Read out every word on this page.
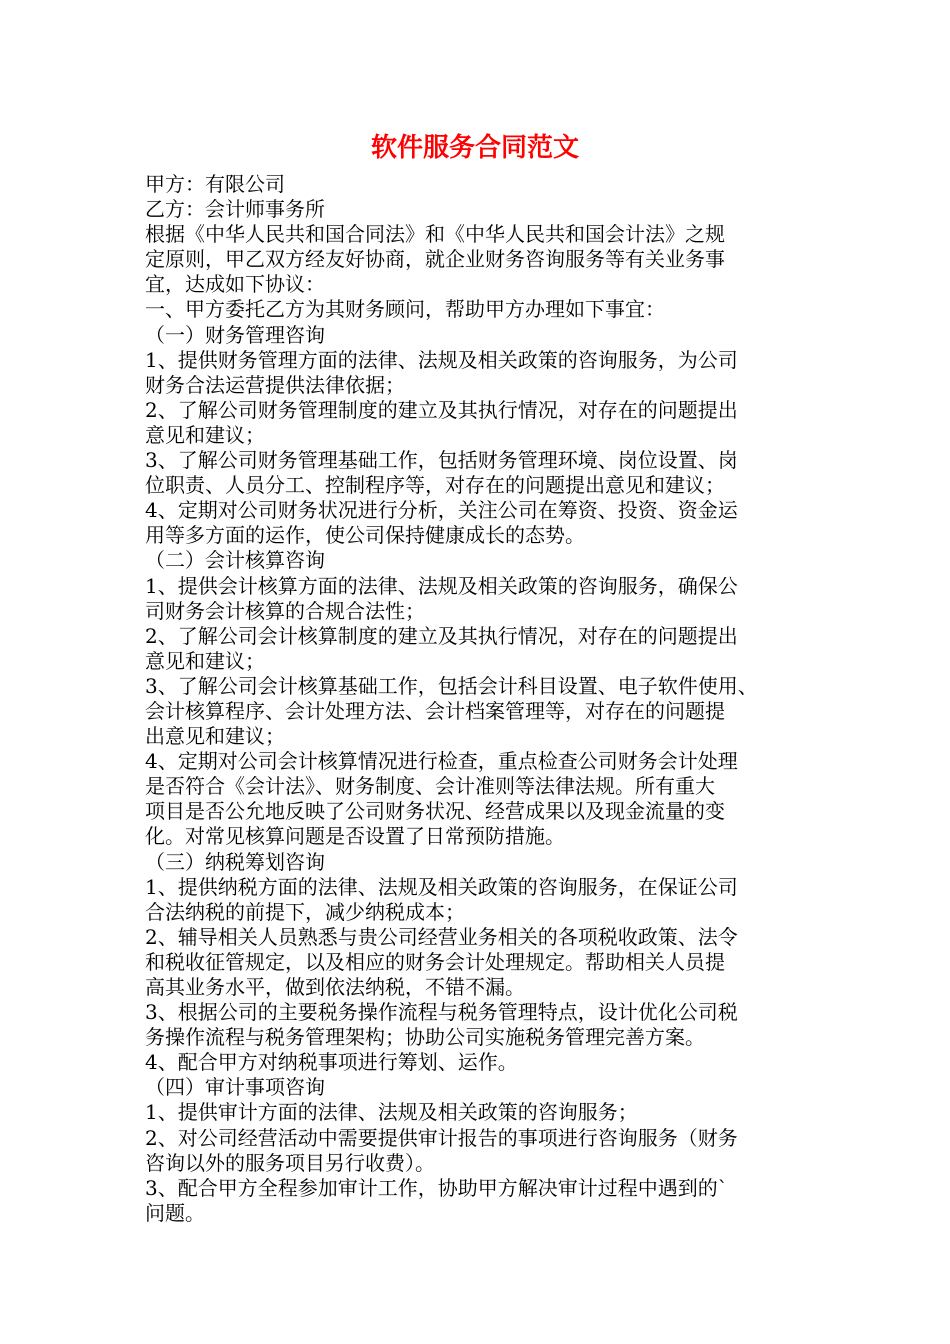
软件服务合同范文

甲方：有限公司

乙方：会计师事务所

根据《中华人民共和国合同法》和《中华人民共和国会计法》之规

定原则，甲乙双方经友好协商，就企业财务咨询服务等有关业务事

宜，达成如下协议：

一、甲方委托乙方为其财务顾问，帮助甲方办理如下事宜：

（一）财务管理咨询

1、提供财务管理方面的法律、法规及相关政策的咨询服务，为公司

财务合法运营提供法律依据；

2、了解公司财务管理制度的建立及其执行情况，对存在的问题提出

意见和建议；

3、了解公司财务管理基础工作，包括财务管理环境、岗位设置、岗

位职责、人员分工、控制程序等，对存在的问题提出意见和建议；

4、定期对公司财务状况进行分析，关注公司在筹资、投资、资金运

用等多方面的运作，使公司保持健康成长的态势。

（二）会计核算咨询

1、提供会计核算方面的法律、法规及相关政策的咨询服务，确保公

司财务会计核算的合规合法性；

2、了解公司会计核算制度的建立及其执行情况，对存在的问题提出

意见和建议；

3、了解公司会计核算基础工作，包括会计科目设置、电子软件使用、

会计核算程序、会计处理方法、会计档案管理等，对存在的问题提

出意见和建议；

4、定期对公司会计核算情况进行检查，重点检查公司财务会计处理

是否符合《会计法》、财务制度、会计准则等法律法规。所有重大

项目是否公允地反映了公司财务状况、经营成果以及现金流量的变

化。对常见核算问题是否设置了日常预防措施。

（三）纳税筹划咨询

1、提供纳税方面的法律、法规及相关政策的咨询服务，在保证公司

合法纳税的前提下，减少纳税成本；

2、辅导相关人员熟悉与贵公司经营业务相关的各项税收政策、法令

和税收征管规定，以及相应的财务会计处理规定。帮助相关人员提

高其业务水平，做到依法纳税，不错不漏。

3、根据公司的主要税务操作流程与税务管理特点，设计优化公司税

务操作流程与税务管理架构；协助公司实施税务管理完善方案。

4、配合甲方对纳税事项进行筹划、运作。

（四）审计事项咨询

1、提供审计方面的法律、法规及相关政策的咨询服务；

2、对公司经营活动中需要提供审计报告的事项进行咨询服务（财务

咨询以外的服务项目另行收费）。

3、配合甲方全程参加审计工作，协助甲方解决审计过程中遇到的`

问题。
